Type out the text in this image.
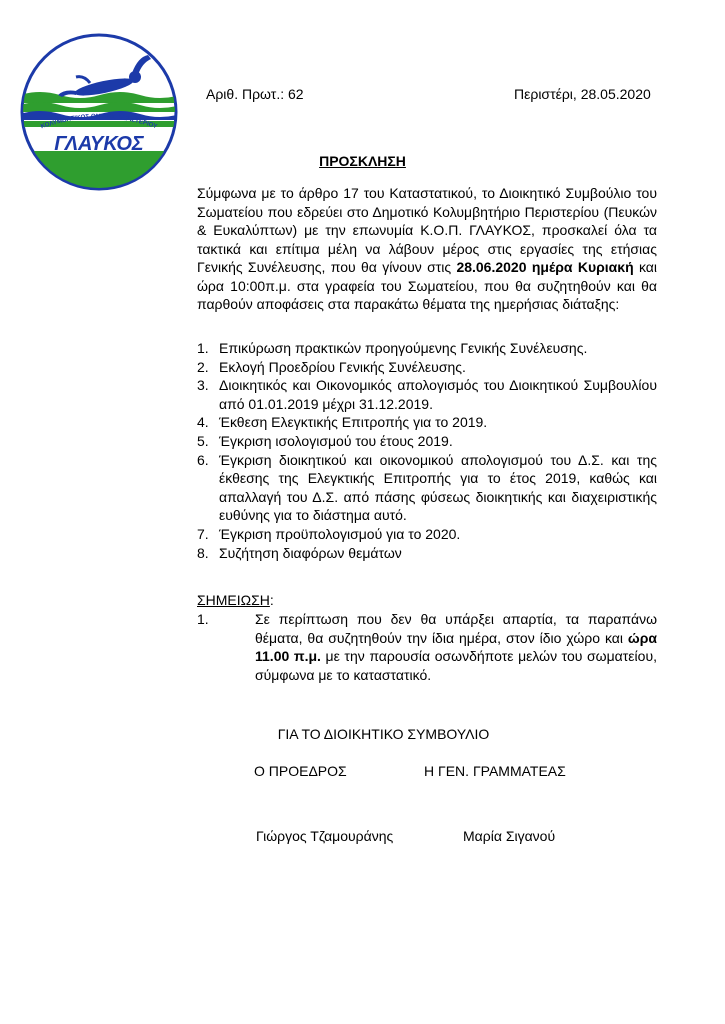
ΚΟΛΥΜΒΗΤΙΚΟΣ ΟΜΙΛΟΣ ΠΕΡΙΣΤΕΡΙΟΥ
ΓΛΑΥΚΟΣ
Αριθ. Πρωτ.: 62	Περιστέρι, 28.05.2020
ΠΡΟΣΚΛΗΣΗ
Σύμφωνα με το άρθρο 17 του Καταστατικού, το Διοικητικό Συμβούλιο του Σωματείου που εδρεύει στο Δημοτικό Κολυμβητήριο Περιστερίου (Πευκών & Ευκαλύπτων) με την επωνυμία Κ.Ο.Π. ΓΛΑΥΚΟΣ, προσκαλεί όλα τα τακτικά και επίτιμα μέλη να λάβουν μέρος στις εργασίες της ετήσιας Γενικής Συνέλευσης, που θα γίνουν στις 28.06.2020 ημέρα Κυριακή και ώρα 10:00π.μ. στα γραφεία του Σωματείου, που θα συζητηθούν και θα παρθούν αποφάσεις στα παρακάτω θέματα της ημερήσιας διάταξης:
1. Επικύρωση πρακτικών προηγούμενης Γενικής Συνέλευσης.
2. Εκλογή Προεδρίου Γενικής Συνέλευσης.
3. Διοικητικός και Οικονομικός απολογισμός του Διοικητικού Συμβουλίου από 01.01.2019 μέχρι 31.12.2019.
4. Έκθεση Ελεγκτικής Επιτροπής για το 2019.
5. Έγκριση ισολογισμού του έτους 2019.
6. Έγκριση διοικητικού και οικονομικού απολογισμού του Δ.Σ. και της έκθεσης της Ελεγκτικής Επιτροπής για το έτος 2019, καθώς και απαλλαγή του Δ.Σ. από πάσης φύσεως διοικητικής και διαχειριστικής ευθύνης για το διάστημα αυτό.
7. Έγκριση προϋπολογισμού για το 2020.
8. Συζήτηση διαφόρων θεμάτων
ΣΗΜΕΙΩΣΗ:
1.	Σε περίπτωση που δεν θα υπάρξει απαρτία, τα παραπάνω θέματα, θα συζητηθούν την ίδια ημέρα, στον ίδιο χώρο και ώρα 11.00 π.μ. με την παρουσία οσωνδήποτε μελών του σωματείου, σύμφωνα με το καταστατικό.
ΓΙΑ ΤΟ ΔΙΟΙΚΗΤΙΚΟ ΣΥΜΒΟΥΛΙΟ
Ο ΠΡΟΕΔΡΟΣ	Η ΓΕΝ. ΓΡΑΜΜΑΤΕΑΣ
Γιώργος Τζαμουράνης	Μαρία Σιγανού
